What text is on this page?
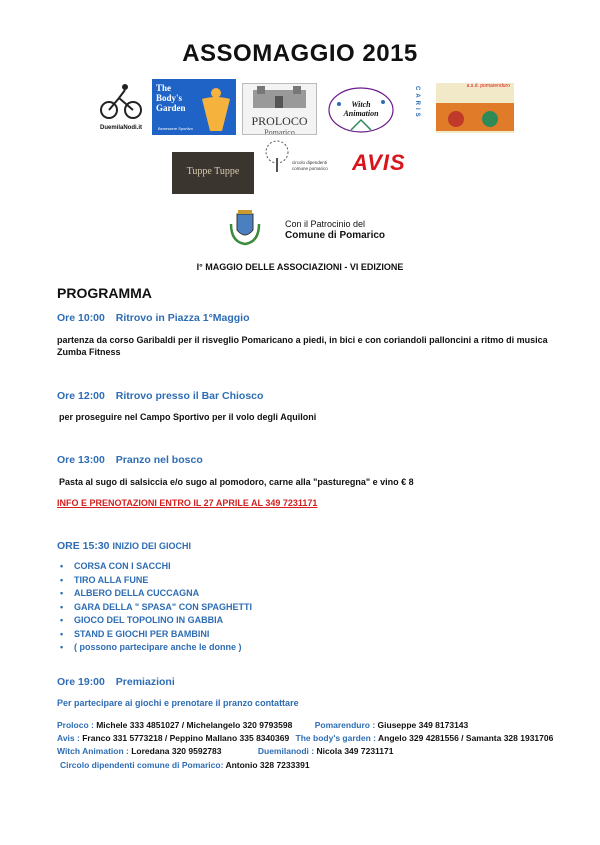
ASSOMAGGIO 2015
DuemilaNodi.it
The Body's Garden
Benessere Sportivo
PROLOCO
Pomarico
Witch Animation	CARIS	a.s.d. pomarenduro
Tuppe Tuppe
circolo dipendenti comune pomarico	AVIS
Con il Patrocinio del
Comune di Pomarico
I° MAGGIO DELLE ASSOCIAZIONI - VI EDIZIONE
PROGRAMMA
Ore 10:00 Ritrovo in Piazza 1°Maggio
partenza da corso Garibaldi per il risveglio Pomaricano a piedi, in bici e con coriandoli palloncini a ritmo di musica
Zumba Fitness
Ore 12:00 Ritrovo presso il Bar Chiosco
per proseguire nel Campo Sportivo per il volo degli Aquiloni
Ore 13:00 Pranzo nel bosco
Pasta al sugo di salsiccia e/o sugo al pomodoro, carne alla "pasturegna" e vino € 8
INFO E PRENOTAZIONI ENTRO IL 27 APRILE AL 349 7231171
ORE 15:30 INIZIO DEI GIOCHI
• CORSA CON I SACCHI
• TIRO ALLA FUNE
• ALBERO DELLA CUCCAGNA
• GARA DELLA " SPASA" CON SPAGHETTI
• GIOCO DEL TOPOLINO IN GABBIA
• STAND E GIOCHI PER BAMBINI
• ( possono partecipare anche le donne )
Ore 19:00 Premiazioni
Per partecipare ai giochi e prenotare il pranzo contattare
Proloco : Michele 333 4851027 / Michelangelo 320 9793598	Pomarenduro : Giuseppe 349 8173143
Avis : Franco 331 5773218 / Peppino Mallano 335 8340369 The body's garden : Angelo 329 4281556 / Samanta 328 1931706
Witch Animation : Loredana 320 9592783	Duemilanodi : Nicola 349 7231171
Circolo dipendenti comune di Pomarico: Antonio 328 7233391
